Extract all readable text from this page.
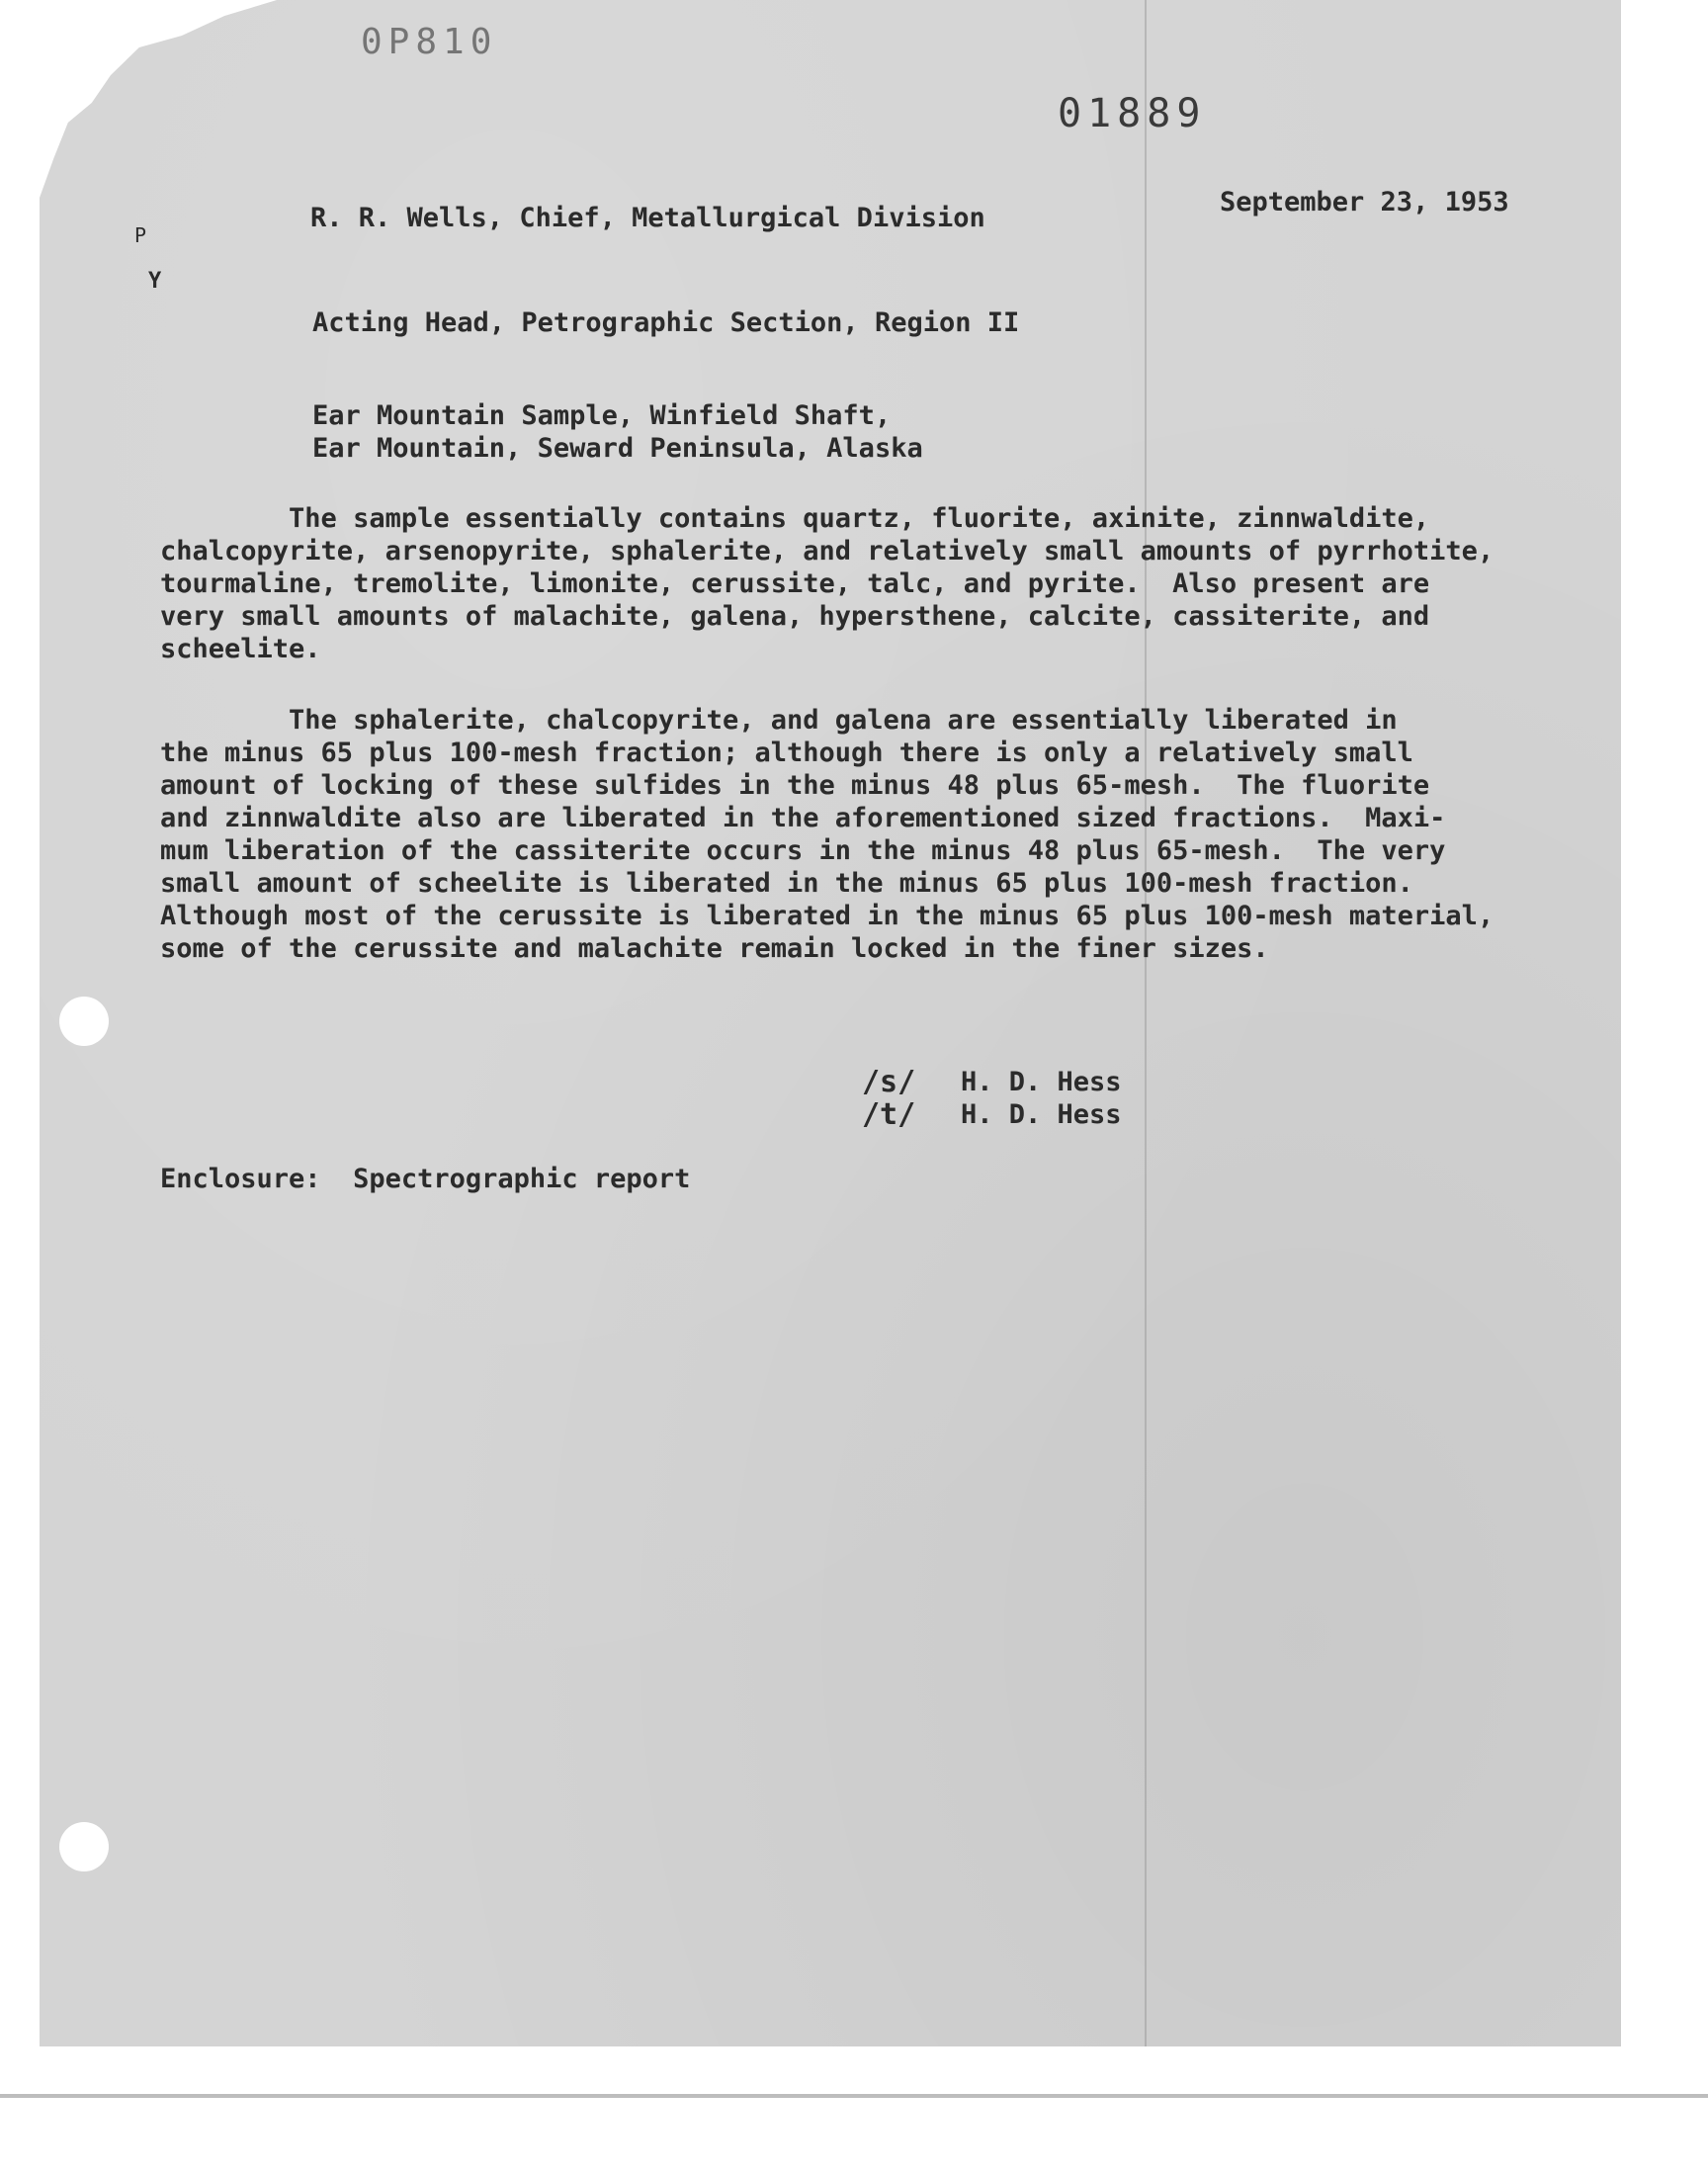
0P810
01889
P
Y
R. R. Wells, Chief, Metallurgical Division
September 23, 1953
Acting Head, Petrographic Section, Region II
Ear Mountain Sample, Winfield Shaft,
Ear Mountain, Seward Peninsula, Alaska
The sample essentially contains quartz, fluorite, axinite, zinnwaldite,
chalcopyrite, arsenopyrite, sphalerite, and relatively small amounts of pyrrhotite,
tourmaline, tremolite, limonite, cerussite, talc, and pyrite.  Also present are
very small amounts of malachite, galena, hypersthene, calcite, cassiterite, and
scheelite.
The sphalerite, chalcopyrite, and galena are essentially liberated in
the minus 65 plus 100-mesh fraction; although there is only a relatively small
amount of locking of these sulfides in the minus 48 plus 65-mesh.  The fluorite
and zinnwaldite also are liberated in the aforementioned sized fractions.  Maxi-
mum liberation of the cassiterite occurs in the minus 48 plus 65-mesh.  The very
small amount of scheelite is liberated in the minus 65 plus 100-mesh fraction.
Although most of the cerussite is liberated in the minus 65 plus 100-mesh material,
some of the cerussite and malachite remain locked in the finer sizes.
/s/ H. D. Hess
/t/ H. D. Hess
Enclosure:  Spectrographic report
